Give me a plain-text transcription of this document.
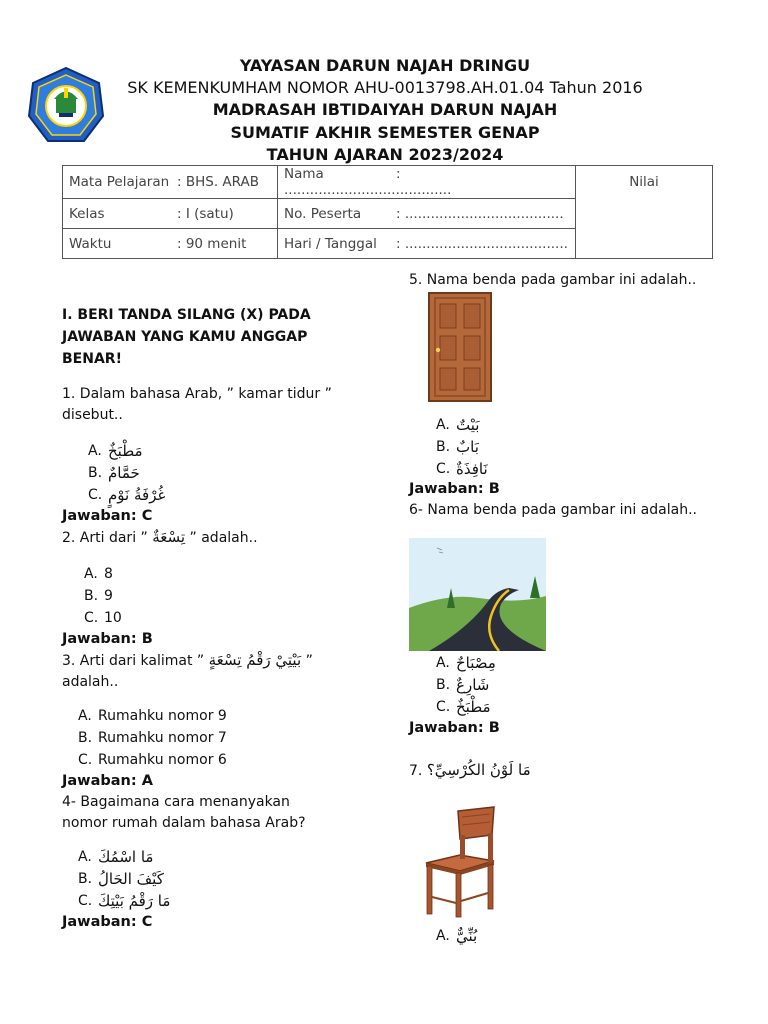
YAYASAN DARUN NAJAH DRINGU
SK KEMENKUMHAM NOMOR AHU-0013798.AH.01.04 Tahun 2016
MADRASAH IBTIDAIYAH DARUN NAJAH
SUMATIF AKHIR SEMESTER GENAP
TAHUN AJARAN 2023/2024
Mata Pelajaran : BHS. ARAB	Nama : .......................................	Nilai
Kelas : I (satu)	No. Peserta : .....................................	
Waktu : 90 menit	Hari / Tanggal : ......................................	

I. BERI TANDA SILANG (X) PADA JAWABAN YANG KAMU ANGGAP BENAR!

1. Dalam bahasa Arab, ” kamar tidur ” disebut..

A. مَطْبَخٌ
B. حَمَّامٌ
C. غُرْفَةُ نَوْمٍ

Jawaban: C

2. Arti dari ” تِسْعَةٌ ” adalah..

A. 8
B. 9
C. 10

Jawaban: B

3. Arti dari kalimat ” بَيْتِيْ رَقْمُ تِسْعَةٍ ”

adalah..

A. Rumahku nomor 9
B. Rumahku nomor 7
C. Rumahku nomor 6

Jawaban: A

4- Bagaimana cara menanyakan nomor rumah dalam bahasa Arab?

A. مَا اسْمُكَ
B. كَيْفَ الحَالُ
C. مَا رَقْمُ بَيْتِكَ

Jawaban: C

5. Nama benda pada gambar ini adalah..

A. بَيْتٌ
B. بَابٌ
C. نَافِذَةٌ

Jawaban: B

6- Nama benda pada gambar ini adalah..

A. مِصْبَاحٌ
B. شَارِعٌ
C. مَطْبَخٌ

Jawaban: B

7. مَا لَوْنُ الكُرْسِيِّ؟

A. بُنِّيٌّ
